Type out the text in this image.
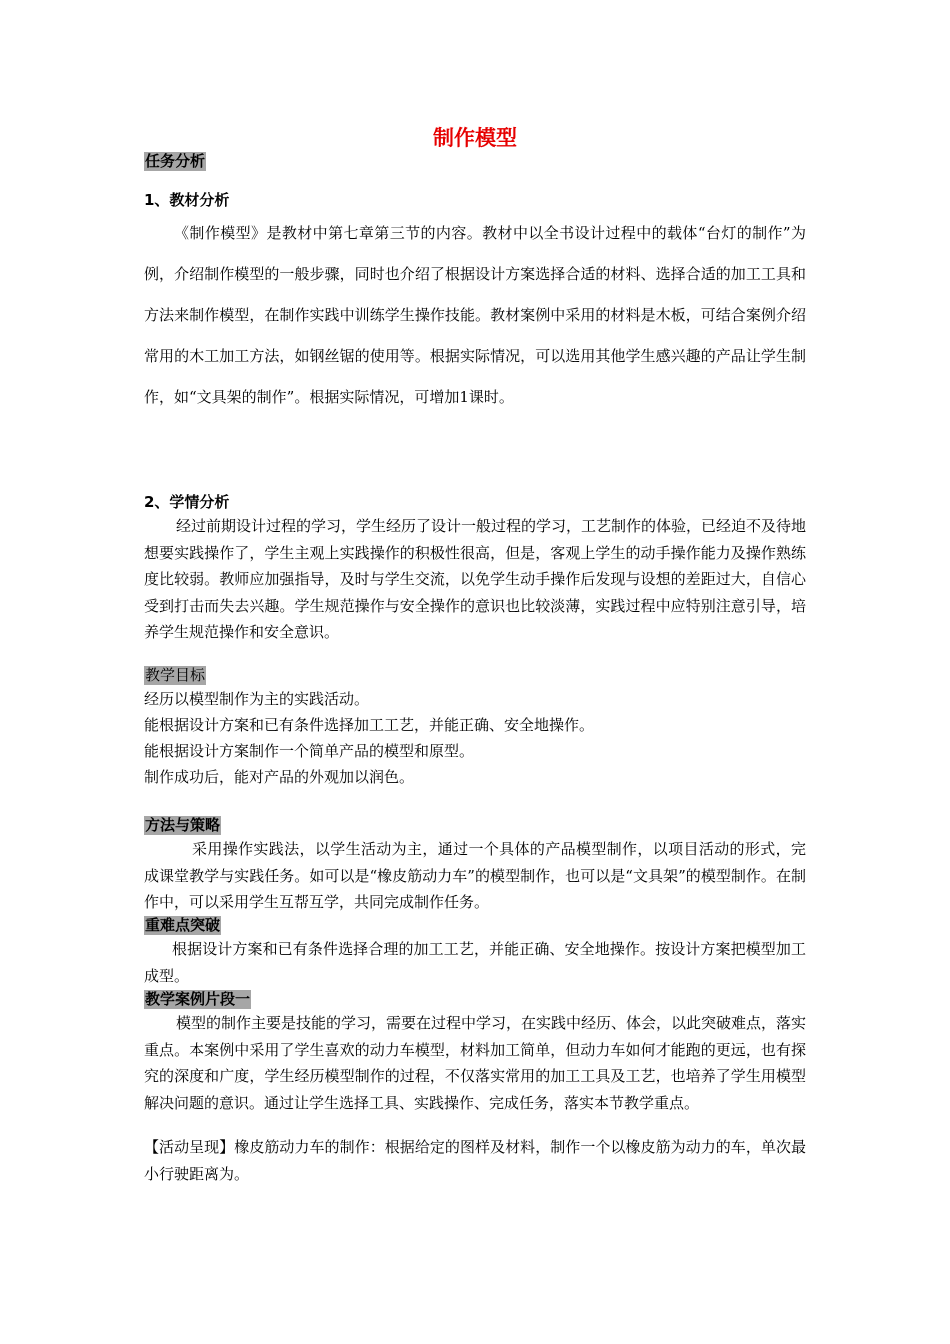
制作模型
任务分析
1、教材分析

《制作模型》是教材中第七章第三节的内容。教材中以全书设计过程中的载体“台灯的制作”为例，介绍制作模型的一般步骤，同时也介绍了根据设计方案选择合适的材料、选择合适的加工工具和方法来制作模型，在制作实践中训练学生操作技能。教材案例中采用的材料是木板，可结合案例介绍常用的木工加工方法，如钢丝锯的使用等。根据实际情况，可以选用其他学生感兴趣的产品让学生制作，如“文具架的制作”。根据实际情况，可增加1课时。

2、学情分析

经过前期设计过程的学习，学生经历了设计一般过程的学习，工艺制作的体验，已经迫不及待地想要实践操作了，学生主观上实践操作的积极性很高，但是，客观上学生的动手操作能力及操作熟练度比较弱。教师应加强指导，及时与学生交流，以免学生动手操作后发现与设想的差距过大，自信心受到打击而失去兴趣。学生规范操作与安全操作的意识也比较淡薄，实践过程中应特别注意引导，培养学生规范操作和安全意识。

教学目标
经历以模型制作为主的实践活动。
能根据设计方案和已有条件选择加工工艺，并能正确、安全地操作。
能根据设计方案制作一个简单产品的模型和原型。
制作成功后，能对产品的外观加以润色。
方法与策略

采用操作实践法，以学生活动为主，通过一个具体的产品模型制作，以项目活动的形式，完成课堂教学与实践任务。如可以是“橡皮筋动力车”的模型制作，也可以是“文具架”的模型制作。在制作中，可以采用学生互帮互学，共同完成制作任务。

重难点突破

根据设计方案和已有条件选择合理的加工工艺，并能正确、安全地操作。按设计方案把模型加工成型。

教学案例片段一

模型的制作主要是技能的学习，需要在过程中学习，在实践中经历、体会，以此突破难点，落实重点。本案例中采用了学生喜欢的动力车模型，材料加工简单，但动力车如何才能跑的更远，也有探究的深度和广度，学生经历模型制作的过程，不仅落实常用的加工工具及工艺，也培养了学生用模型解决问题的意识。通过让学生选择工具、实践操作、完成任务，落实本节教学重点。

【活动呈现】橡皮筋动力车的制作：根据给定的图样及材料，制作一个以橡皮筋为动力的车，单次最小行驶距离为。
